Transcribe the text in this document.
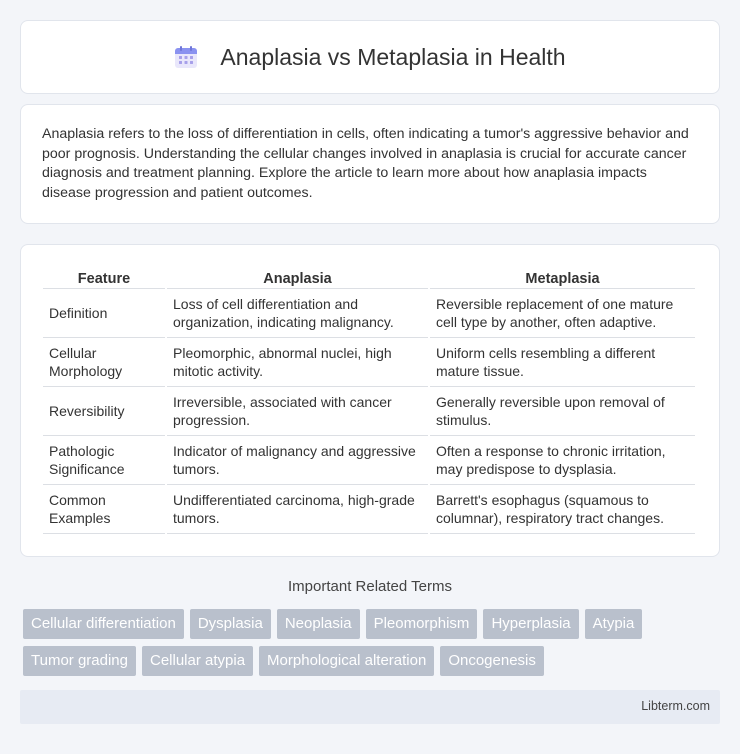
Anaplasia vs Metaplasia in Health

Anaplasia refers to the loss of differentiation in cells, often indicating a tumor's aggressive behavior and poor prognosis. Understanding the cellular changes involved in anaplasia is crucial for accurate cancer diagnosis and treatment planning. Explore the article to learn more about how anaplasia impacts disease progression and patient outcomes.

Feature	Anaplasia	Metaplasia
Definition	Loss of cell differentiation and organization, indicating malignancy.	Reversible replacement of one mature cell type by another, often adaptive.
Cellular Morphology	Pleomorphic, abnormal nuclei, high mitotic activity.	Uniform cells resembling a different mature tissue.
Reversibility	Irreversible, associated with cancer progression.	Generally reversible upon removal of stimulus.
Pathologic Significance	Indicator of malignancy and aggressive tumors.	Often a response to chronic irritation, may predispose to dysplasia.
Common Examples	Undifferentiated carcinoma, high-grade tumors.	Barrett's esophagus (squamous to columnar), respiratory tract changes.
Important Related Terms
Cellular differentiation	Dysplasia	Neoplasia	Pleomorphism	Hyperplasia	Atypia
Tumor grading	Cellular atypia	Morphological alteration	Oncogenesis
Libterm.com
